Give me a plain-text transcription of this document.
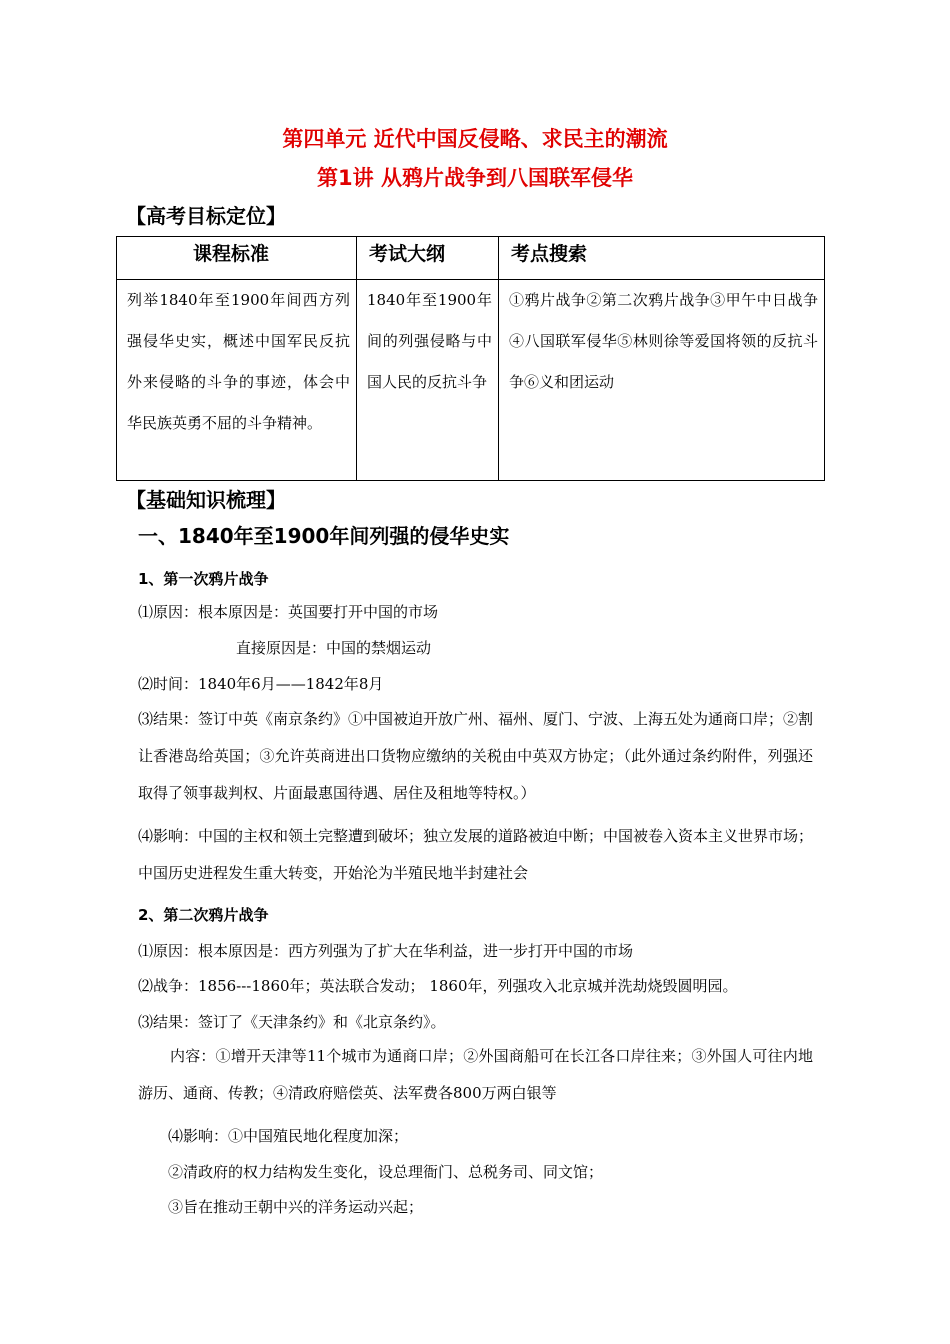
第四单元 近代中国反侵略、求民主的潮流
第1讲 从鸦片战争到八国联军侵华
【高考目标定位】
课程标准	考试大纲	考点搜索
列举1840年至1900年间西方列强侵华史实，概述中国军民反抗外来侵略的斗争的事迹，体会中华民族英勇不屈的斗争精神。	1840年至1900年间的列强侵略与中国人民的反抗斗争	①鸦片战争②第二次鸦片战争③甲午中日战争④八国联军侵华⑤林则徐等爱国将领的反抗斗争⑥义和团运动
【基础知识梳理】
一、1840年至1900年间列强的侵华史实
1、第一次鸦片战争
⑴原因：根本原因是：英国要打开中国的市场
直接原因是：中国的禁烟运动
⑵时间：1840年6月——1842年8月
⑶结果：签订中英《南京条约》①中国被迫开放广州、福州、厦门、宁波、上海五处为通商口岸；②割让香港岛给英国；③允许英商进出口货物应缴纳的关税由中英双方协定；（此外通过条约附件，列强还取得了领事裁判权、片面最惠国待遇、居住及租地等特权。）
⑷影响：中国的主权和领土完整遭到破坏；独立发展的道路被迫中断；中国被卷入资本主义世界市场；中国历史进程发生重大转变，开始沦为半殖民地半封建社会
2、第二次鸦片战争
⑴原因：根本原因是：西方列强为了扩大在华利益，进一步打开中国的市场
⑵战争：1856---1860年；英法联合发动； 1860年，列强攻入北京城并洗劫烧毁圆明园。
⑶结果：签订了《天津条约》和《北京条约》。
内容：①增开天津等11个城市为通商口岸；②外国商船可在长江各口岸往来；③外国人可往内地游历、通商、传教；④清政府赔偿英、法军费各800万两白银等
⑷影响：①中国殖民地化程度加深；
②清政府的权力结构发生变化，设总理衙门、总税务司、同文馆；
③旨在推动王朝中兴的洋务运动兴起；
